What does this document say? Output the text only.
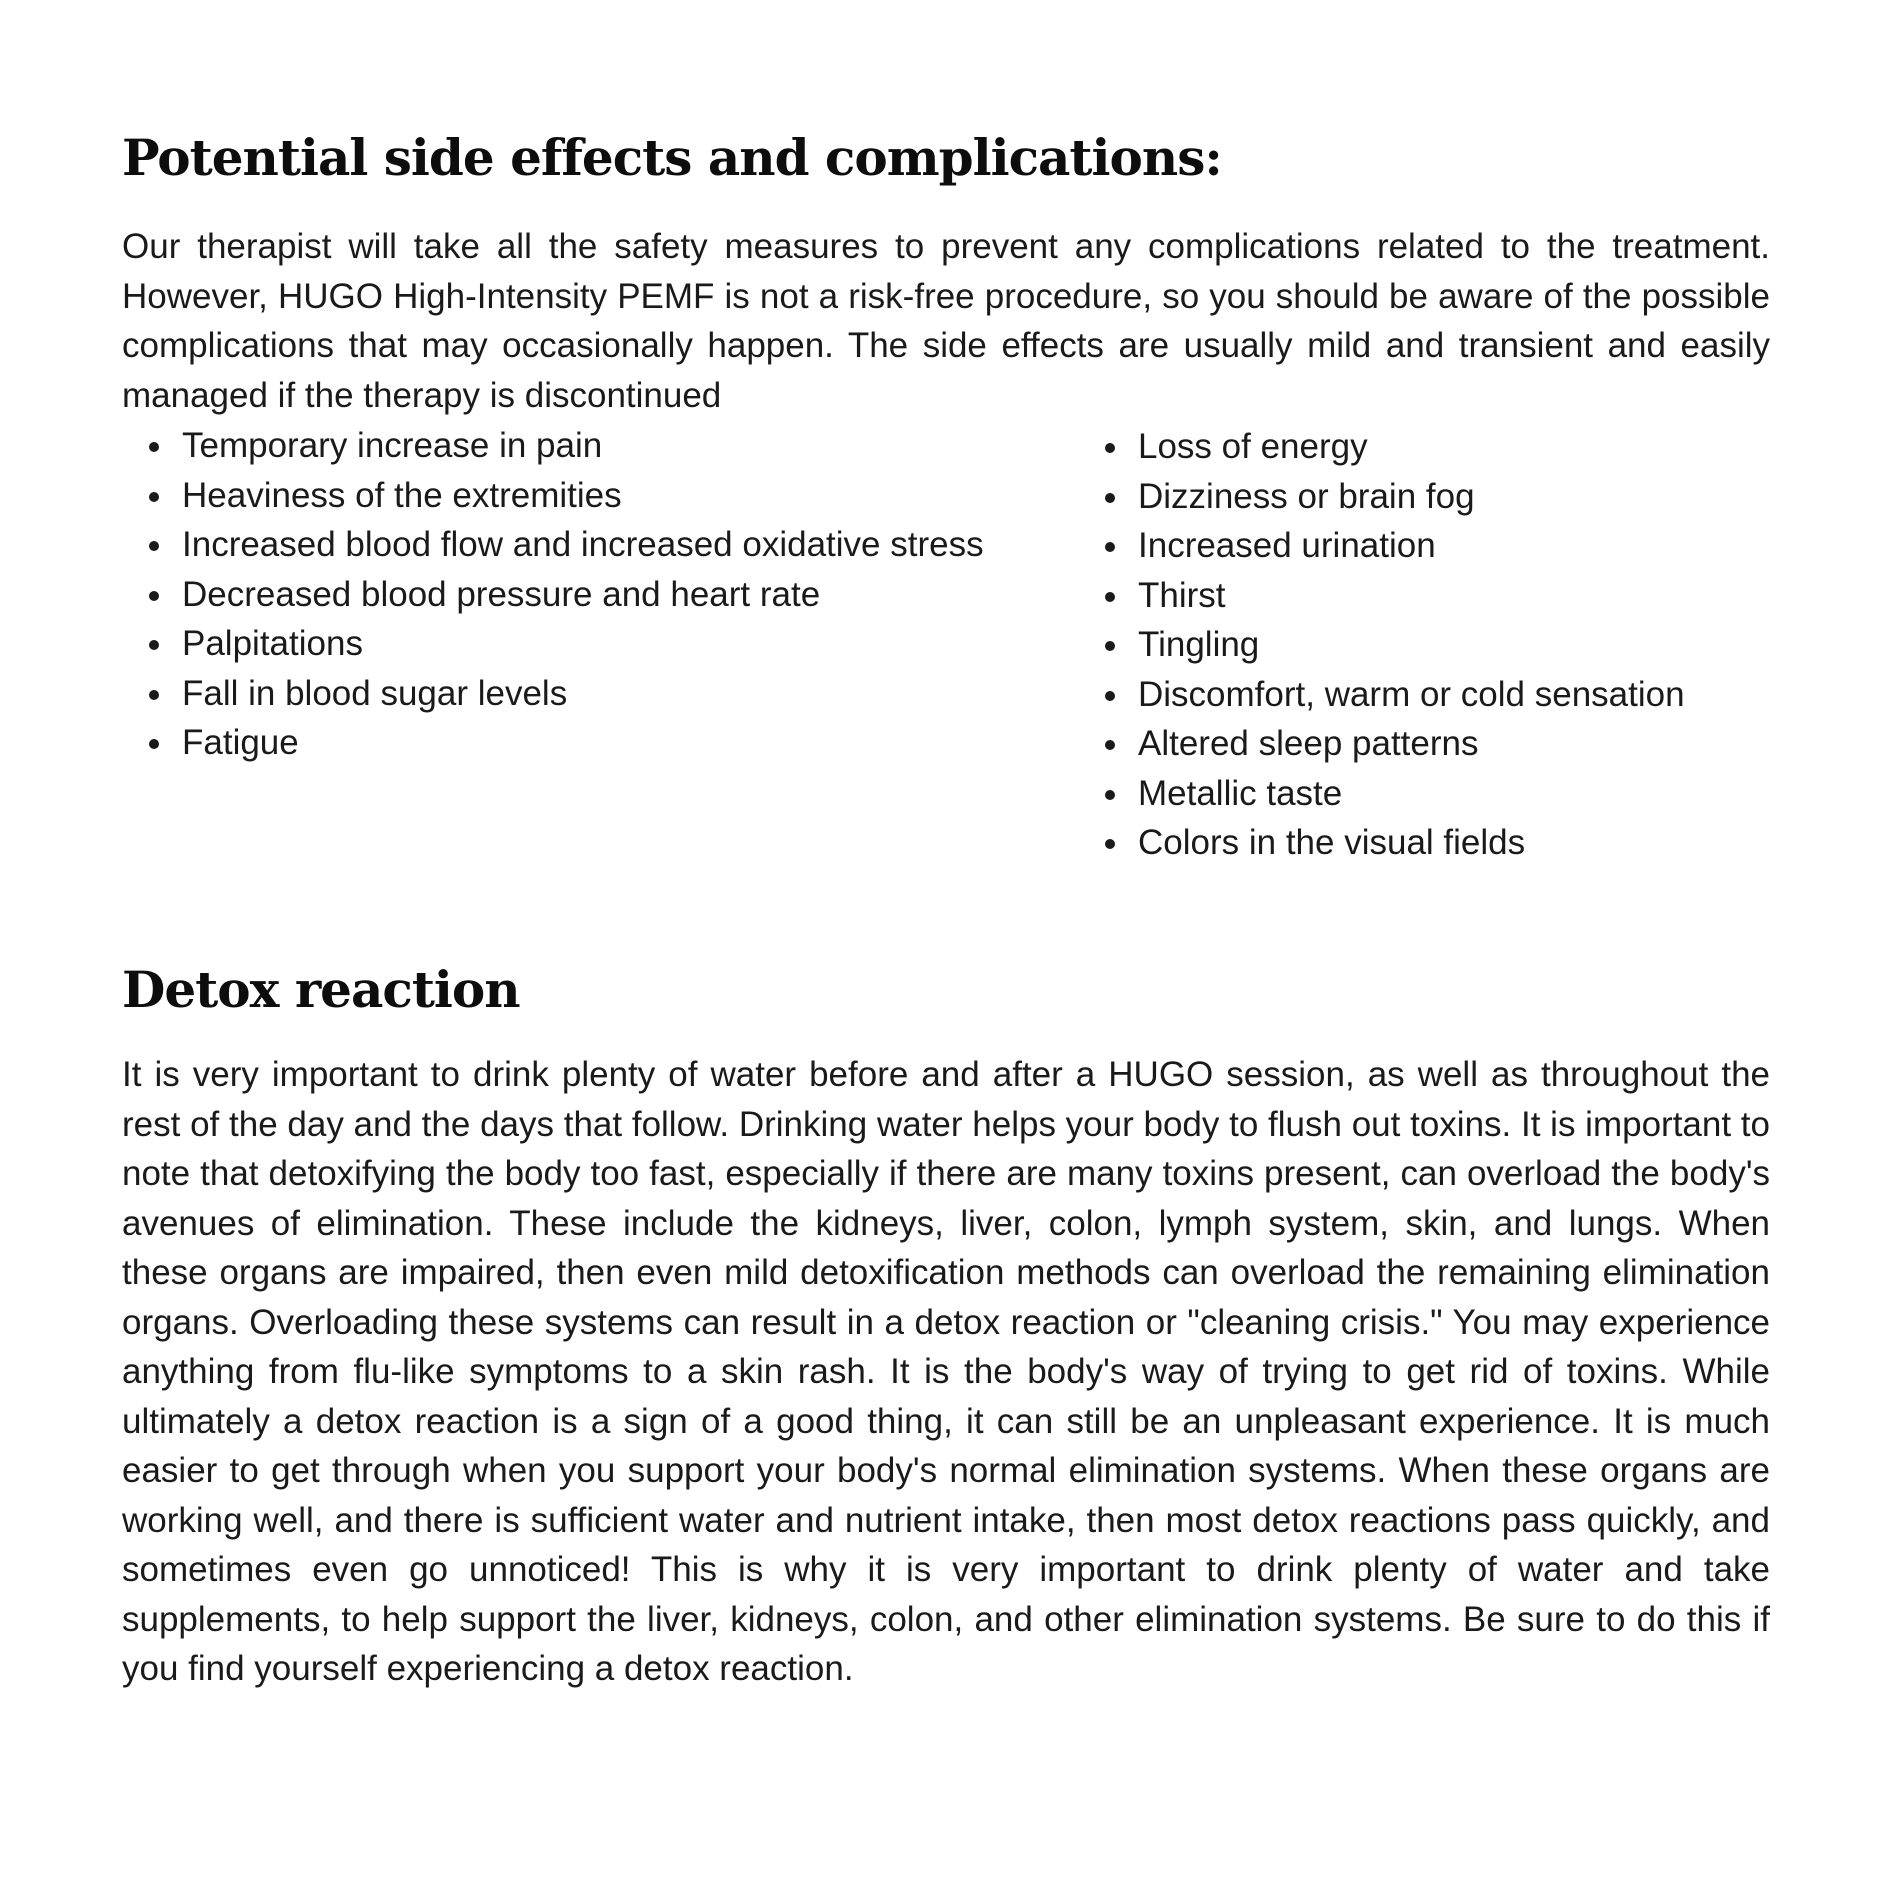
Potential side effects and complications:

Our therapist will take all the safety measures to prevent any complications related to the treatment. However, HUGO High-Intensity PEMF is not a risk-free procedure, so you should be aware of the possible complications that may occasionally happen. The side effects are usually mild and transient and easily managed if the therapy is discontinued

Temporary increase in pain
Heaviness of the extremities
Increased blood flow and increased oxidative stress
Decreased blood pressure and heart rate
Palpitations
Fall in blood sugar levels
Fatigue
Loss of energy
Dizziness or brain fog
Increased urination
Thirst
Tingling
Discomfort, warm or cold sensation
Altered sleep patterns
Metallic taste
Colors in the visual fields
Detox reaction

It is very important to drink plenty of water before and after a HUGO session, as well as throughout the rest of the day and the days that follow. Drinking water helps your body to flush out toxins. It is important to note that detoxifying the body too fast, especially if there are many toxins present, can overload the body's avenues of elimination. These include the kidneys, liver, colon, lymph system, skin, and lungs. When these organs are impaired, then even mild detoxification methods can overload the remaining elimination organs. Overloading these systems can result in a detox reaction or "cleaning crisis." You may experience anything from flu-like symptoms to a skin rash. It is the body's way of trying to get rid of toxins. While ultimately a detox reaction is a sign of a good thing, it can still be an unpleasant experience. It is much easier to get through when you support your body's normal elimination systems. When these organs are working well, and there is sufficient water and nutrient intake, then most detox reactions pass quickly, and sometimes even go unnoticed! This is why it is very important to drink plenty of water and take supplements, to help support the liver, kidneys, colon, and other elimination systems. Be sure to do this if you find yourself experiencing a detox reaction.
